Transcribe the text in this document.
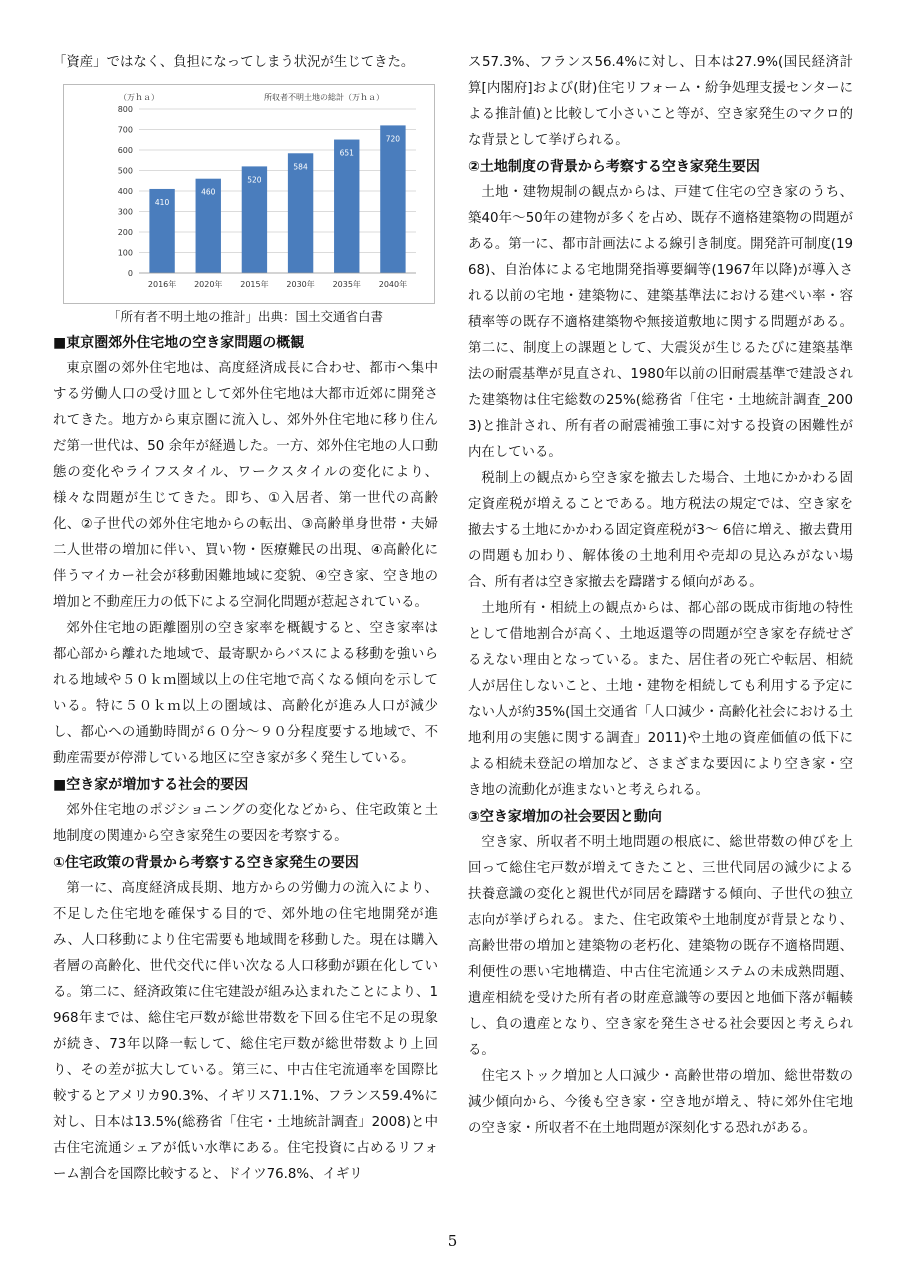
「資産」ではなく、負担になってしまう状況が生じてきた。

所収者不明土地の総計（万ｈａ）
（万ｈａ）
0
100
200
300
400
500
600
700
800
410
2016年
460
2020年
520
2015年
584
2030年
651
2035年
720
2040年

「所有者不明土地の推計」出典：国土交通省白書

■東京圏郊外住宅地の空き家問題の概観

東京圏の郊外住宅地は、高度経済成長に合わせ、都市へ集中する労働人口の受け皿として郊外住宅地は大都市近郊に開発されてきた。地方から東京圏に流入し、郊外外住宅地に移り住んだ第一世代は、50 余年が経過した。一方、郊外住宅地の人口動態の変化やライフスタイル、ワークスタイルの変化により、様々な問題が生じてきた。即ち、①入居者、第一世代の高齢化、②子世代の郊外住宅地からの転出、③高齢単身世帯・夫婦二人世帯の増加に伴い、買い物・医療難民の出現、④高齢化に伴うマイカー社会が移動困難地域に変貌、④空き家、空き地の増加と不動産圧力の低下による空洞化問題が惹起されている。

郊外住宅地の距離圏別の空き家率を概観すると、空き家率は都心部から離れた地域で、最寄駅からバスによる移動を強いられる地域や５０ｋｍ圏域以上の住宅地で高くなる傾向を示している。特に５０ｋｍ以上の圏域は、高齢化が進み人口が減少し、都心への通勤時間が６０分～９０分程度要する地域で、不動産需要が停滞している地区に空き家が多く発生している。

■空き家が増加する社会的要因

郊外住宅地のポジショニングの変化などから、住宅政策と土地制度の関連から空き家発生の要因を考察する。

①住宅政策の背景から考察する空き家発生の要因

第一に、高度経済成長期、地方からの労働力の流入により、不足した住宅地を確保する目的で、郊外地の住宅地開発が進み、人口移動により住宅需要も地域間を移動した。現在は購入者層の高齢化、世代交代に伴い次なる人口移動が顕在化している。第二に、経済政策に住宅建設が組み込まれたことにより、1968年までは、総住宅戸数が総世帯数を下回る住宅不足の現象が続き、73年以降一転して、総住宅戸数が総世帯数より上回り、その差が拡大している。第三に、中古住宅流通率を国際比較するとアメリカ90.3%、イギリス71.1%、フランス59.4%に対し、日本は13.5%(総務省「住宅・土地統計調査」2008)と中古住宅流通シェアが低い水準にある。住宅投資に占めるリフォーム割合を国際比較すると、ドイツ76.8%、イギリ

ス57.3%、フランス56.4%に対し、日本は27.9%(国民経済計算[内閣府]および(財)住宅リフォーム・紛争処理支援センターによる推計値)と比較して小さいこと等が、空き家発生のマクロ的な背景として挙げられる。

②土地制度の背景から考察する空き家発生要因

土地・建物規制の観点からは、戸建て住宅の空き家のうち、築40年～50年の建物が多くを占め、既存不適格建築物の問題がある。第一に、都市計画法による線引き制度。開発許可制度(1968)、自治体による宅地開発指導要綱等(1967年以降)が導入される以前の宅地・建築物に、建築基準法における建ぺい率・容積率等の既存不適格建築物や無接道敷地に関する問題がある。第二に、制度上の課題として、大震災が生じるたびに建築基準法の耐震基準が見直され、1980年以前の旧耐震基準で建設された建築物は住宅総数の25%(総務省「住宅・土地統計調査_2003)と推計され、所有者の耐震補強工事に対する投資の困難性が内在している。

税制上の観点から空き家を撤去した場合、土地にかかわる固定資産税が増えることである。地方税法の規定では、空き家を撤去する土地にかかわる固定資産税が3～ 6倍に増え、撤去費用の問題も加わり、解体後の土地利用や売却の見込みがない場合、所有者は空き家撤去を躊躇する傾向がある。

土地所有・相続上の観点からは、都心部の既成市街地の特性として借地割合が高く、土地返還等の問題が空き家を存続せざるえない理由となっている。また、居住者の死亡や転居、相続人が居住しないこと、土地・建物を相続しても利用する予定にない人が約35%(国土交通省「人口減少・高齢化社会における土地利用の実態に関する調査」2011)や土地の資産価値の低下による相続未登記の増加など、さまざまな要因により空き家・空き地の流動化が進まないと考えられる。

③空き家増加の社会要因と動向

空き家、所収者不明土地問題の根底に、総世帯数の伸びを上回って総住宅戸数が増えてきたこと、三世代同居の減少による扶養意識の変化と親世代が同居を躊躇する傾向、子世代の独立志向が挙げられる。また、住宅政策や土地制度が背景となり、高齢世帯の増加と建築物の老朽化、建築物の既存不適格問題、利便性の悪い宅地構造、中古住宅流通システムの未成熟問題、遺産相続を受けた所有者の財産意識等の要因と地価下落が輻輳し、負の遺産となり、空き家を発生させる社会要因と考えられる。

住宅ストック増加と人口減少・高齢世帯の増加、総世帯数の減少傾向から、今後も空き家・空き地が増え、特に郊外住宅地の空き家・所収者不在土地問題が深刻化する恐れがある。

5
